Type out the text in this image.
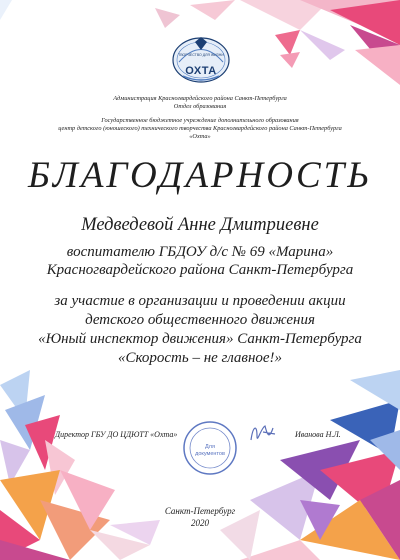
ТВОРЧЕСТВО ДЛЯ ЖИЗНИ
ОХТА
Администрация Красногвардейского района Санкт-Петербурга
Отдел образования
Государственное бюджетное учреждение дополнительного образования
центр детского (юношеского) технического творчества Красногвардейского района Санкт-Петербурга
«Охта»
БЛАГОДАРНОСТЬ
Медведевой Анне Дмитриевне
воспитателю ГБДОУ д/с № 69 «Марина»
Красногвардейского района Санкт-Петербурга
за участие в организации и проведении акции
детского общественного движения
«Юный инспектор движения» Санкт-Петербурга
«Скорость – не главное!»
Директор ГБУ ДО ЦДЮТТ «Охта»	Иванова Н.Л.
Для
документов
Санкт-Петербург
2020
